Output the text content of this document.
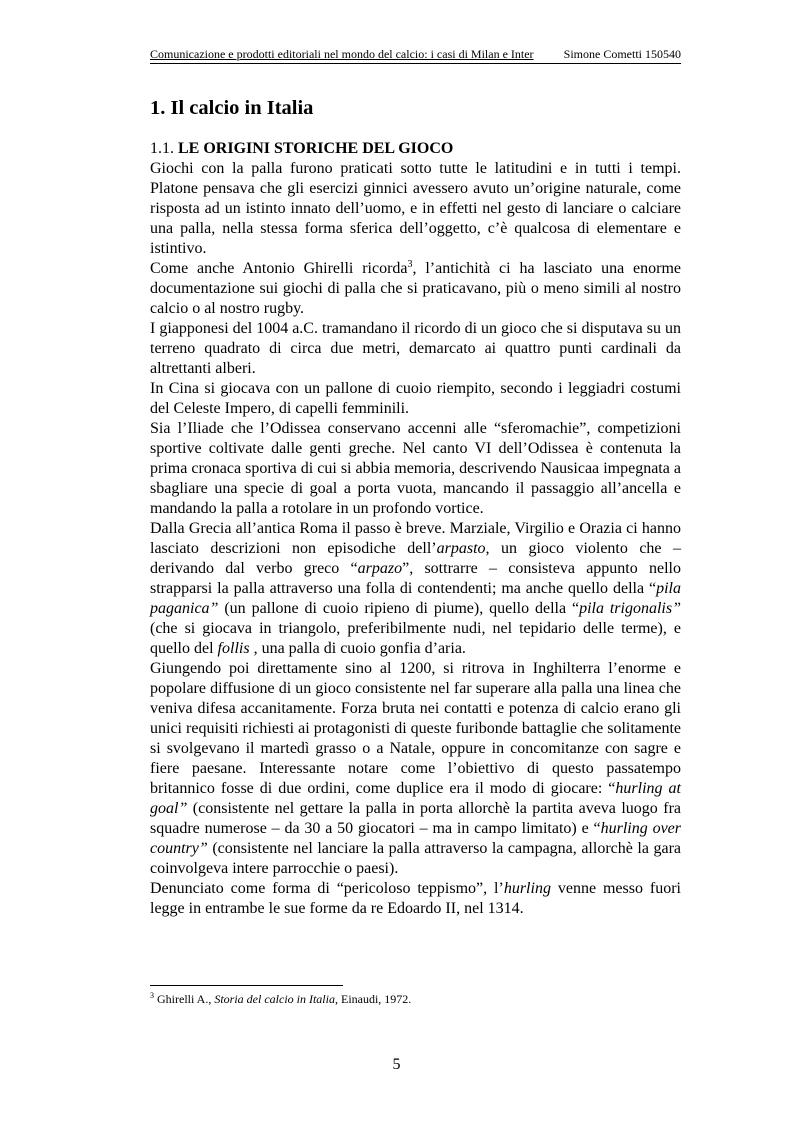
Comunicazione e prodotti editoriali nel mondo del calcio: i casi di Milan e Inter	Simone Cometti 150540
1. Il calcio in Italia
1.1. LE ORIGINI STORICHE DEL GIOCO

Giochi con la palla furono praticati sotto tutte le latitudini e in tutti i tempi. Platone pensava che gli esercizi ginnici avessero avuto un’origine naturale, come risposta ad un istinto innato dell’uomo, e in effetti nel gesto di lanciare o calciare una palla, nella stessa forma sferica dell’oggetto, c’è qualcosa di elementare e istintivo.

Come anche Antonio Ghirelli ricorda$^3$, l’antichità ci ha lasciato una enorme documentazione sui giochi di palla che si praticavano, più o meno simili al nostro calcio o al nostro rugby.

I giapponesi del 1004 a.C. tramandano il ricordo di un gioco che si disputava su un terreno quadrato di circa due metri, demarcato ai quattro punti cardinali da altrettanti alberi.

In Cina si giocava con un pallone di cuoio riempito, secondo i leggiadri costumi del Celeste Impero, di capelli femminili.

Sia l’Iliade che l’Odissea conservano accenni alle “sferomachie”, competizioni sportive coltivate dalle genti greche. Nel canto VI dell’Odissea è contenuta la prima cronaca sportiva di cui si abbia memoria, descrivendo Nausicaa impegnata a sbagliare una specie di goal a porta vuota, mancando il passaggio all’ancella e mandando la palla a rotolare in un profondo vortice.

Dalla Grecia all’antica Roma il passo è breve. Marziale, Virgilio e Orazia ci hanno lasciato descrizioni non episodiche dell’arpasto, un gioco violento che – derivando dal verbo greco “arpazo”, sottrarre – consisteva appunto nello strapparsi la palla attraverso una folla di contendenti; ma anche quello della “pila paganica” (un pallone di cuoio ripieno di piume), quello della “pila trigonalis” (che si giocava in triangolo, preferibilmente nudi, nel tepidario delle terme), e quello del follis , una palla di cuoio gonfia d’aria.

Giungendo poi direttamente sino al 1200, si ritrova in Inghilterra l’enorme e popolare diffusione di un gioco consistente nel far superare alla palla una linea che veniva difesa accanitamente. Forza bruta nei contatti e potenza di calcio erano gli unici requisiti richiesti ai protagonisti di queste furibonde battaglie che solitamente si svolgevano il martedì grasso o a Natale, oppure in concomitanze con sagre e fiere paesane. Interessante notare come l’obiettivo di questo passatempo britannico fosse di due ordini, come duplice era il modo di giocare: “hurling at goal” (consistente nel gettare la palla in porta allorchè la partita aveva luogo fra squadre numerose – da 30 a 50 giocatori – ma in campo limitato) e “hurling over country” (consistente nel lanciare la palla attraverso la campagna, allorchè la gara coinvolgeva intere parrocchie o paesi).

Denunciato come forma di “pericoloso teppismo”, l’hurling venne messo fuori legge in entrambe le sue forme da re Edoardo II, nel 1314.

$^3$ Ghirelli A., Storia del calcio in Italia, Einaudi, 1972.
5
